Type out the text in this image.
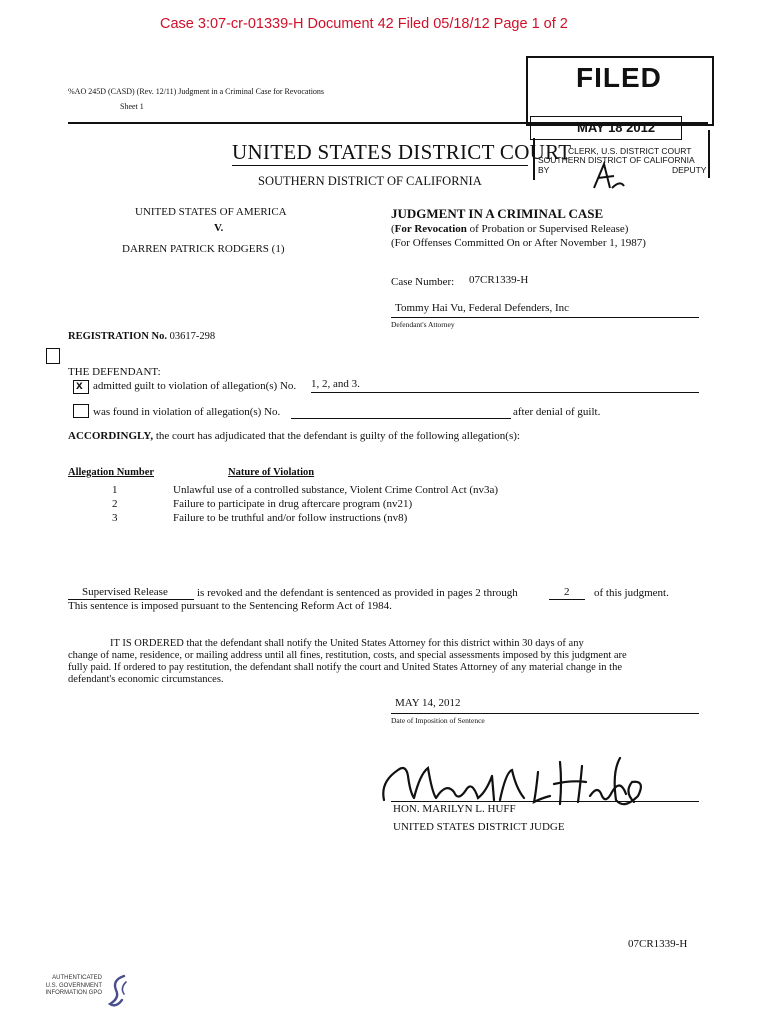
Case 3:07-cr-01339-H Document 42 Filed 05/18/12 Page 1 of 2
%AO 245D (CASD) (Rev. 12/11) Judgment in a Criminal Case for Revocations
Sheet 1
FILED
MAY 18 2012
CLERK, U.S. DISTRICT COURT
SOUTHERN DISTRICT OF CALIFORNIA
BY	DEPUTY
UNITED STATES DISTRICT COURT
SOUTHERN DISTRICT OF CALIFORNIA
UNITED STATES OF AMERICA
V.
DARREN PATRICK RODGERS (1)
JUDGMENT IN A CRIMINAL CASE
(For Revocation of Probation or Supervised Release)
(For Offenses Committed On or After November 1, 1987)
Case Number: 07CR1339-H
Tommy Hai Vu, Federal Defenders, Inc
Defendant's Attorney
REGISTRATION No. 03617-298
THE DEFENDANT:
x admitted guilt to violation of allegation(s) No. 1, 2, and 3.
was found in violation of allegation(s) No.	after denial of guilt.
ACCORDINGLY, the court has adjudicated that the defendant is guilty of the following allegation(s):
Allegation Number	Nature of Violation
1	Unlawful use of a controlled substance, Violent Crime Control Act (nv3a)
2	Failure to participate in drug aftercare program (nv21)
3	Failure to be truthful and/or follow instructions (nv8)
Supervised Release	is revoked and the defendant is sentenced as provided in pages 2 through	2 of this judgment.
This sentence is imposed pursuant to the Sentencing Reform Act of 1984.
IT IS ORDERED that the defendant shall notify the United States Attorney for this district within 30 days of any
change of name, residence, or mailing address until all fines, restitution, costs, and special assessments imposed by this judgment are
fully paid. If ordered to pay restitution, the defendant shall notify the court and United States Attorney of any material change in the
defendant's economic circumstances.
MAY 14, 2012
Date of Imposition of Sentence
HON. MARILYN L. HUFF
UNITED STATES DISTRICT JUDGE
07CR1339-H
AUTHENTICATED U.S. GOVERNMENT INFORMATION GPO
